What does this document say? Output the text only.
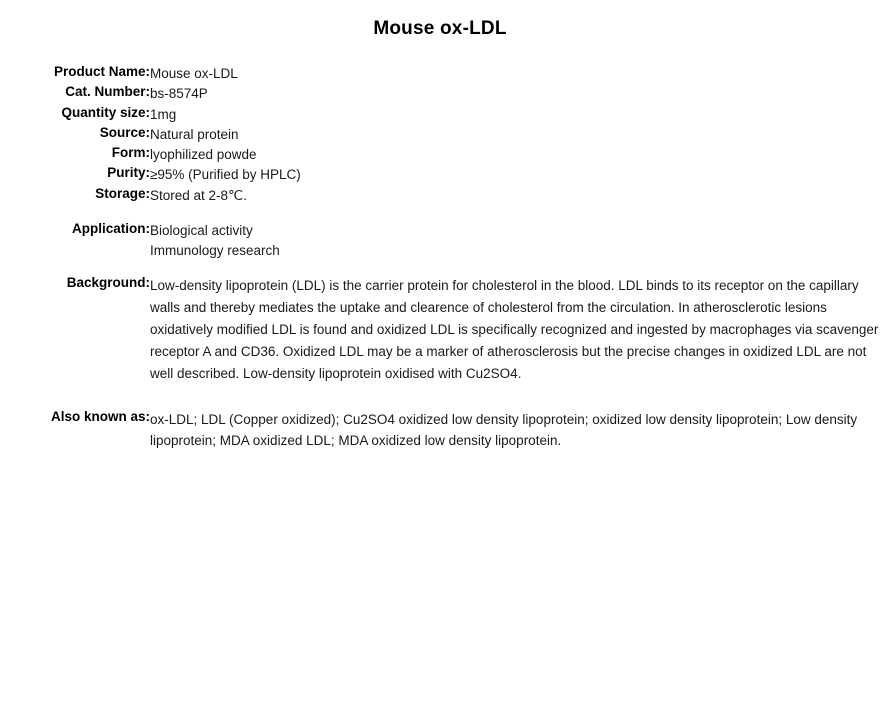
Mouse ox-LDL
Product Name:	Mouse ox-LDL

Cat. Number:	bs-8574P

Quantity size:	1mg

Source:	Natural protein

Form:	lyophilized powde

Purity:	≥95% (Purified by HPLC)

Storage:	Stored at 2-8℃.

Application:	Biological activity
Immunology research

Background:	Low-density lipoprotein (LDL) is the carrier protein for cholesterol in the blood. LDL binds to its receptor on the capillary walls and thereby mediates the uptake and clearence of cholesterol from the circulation. In atherosclerotic lesions oxidatively modified LDL is found and oxidized LDL is specifically recognized and ingested by macrophages via scavenger receptor A and CD36. Oxidized LDL may be a marker of atherosclerosis but the precise changes in oxidized LDL are not well described. Low-density lipoprotein oxidised with Cu2SO4.
Also known as:	ox-LDL; LDL (Copper oxidized); Cu2SO4 oxidized low density lipoprotein; oxidized low density lipoprotein; Low density lipoprotein; MDA oxidized LDL; MDA oxidized low density lipoprotein.
